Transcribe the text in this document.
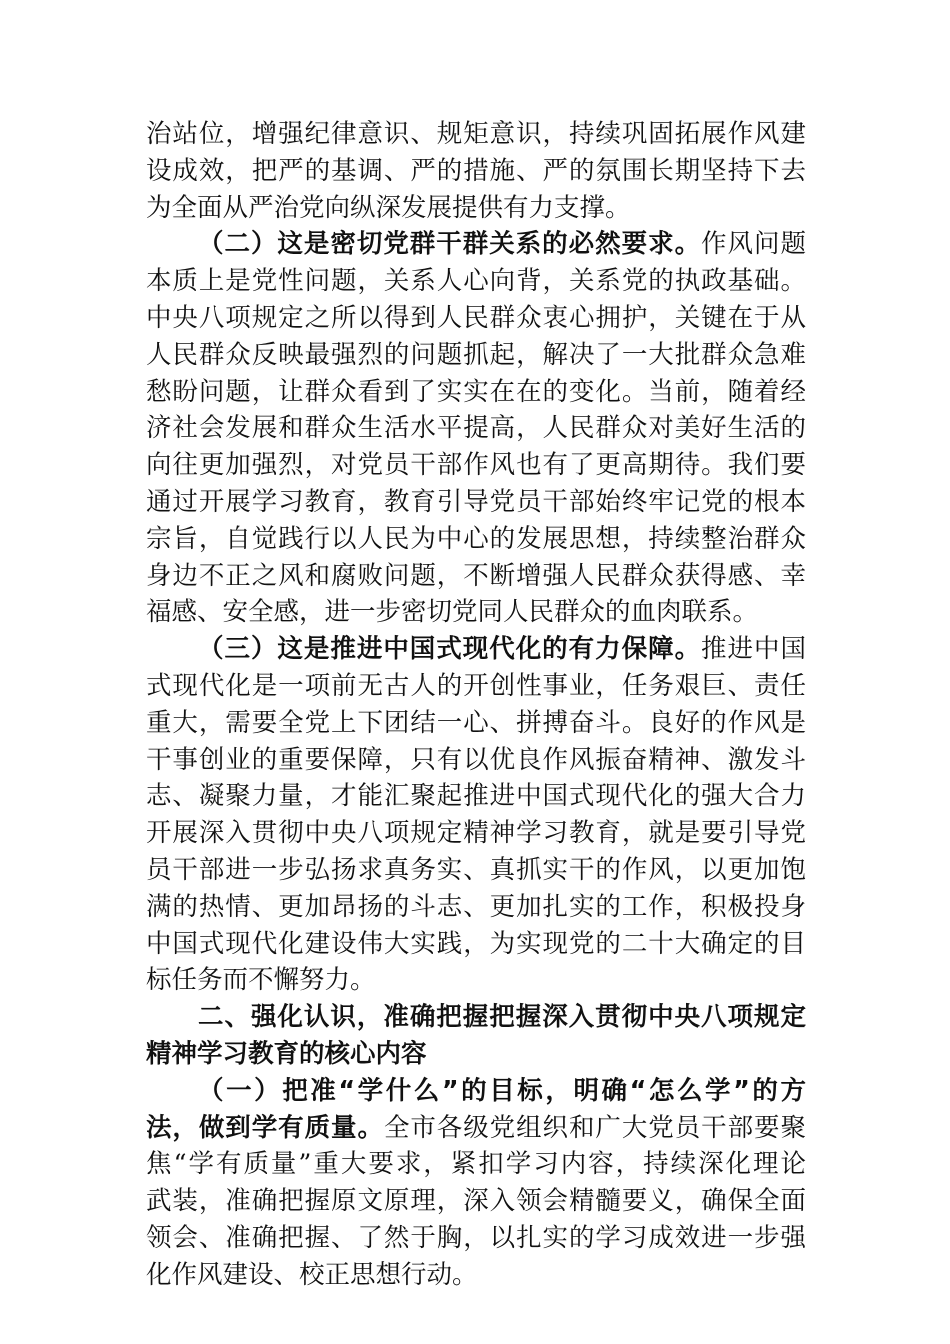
治站位，增强纪律意识、规矩意识，持续巩固拓展作风建
设成效，把严的基调、严的措施、严的氛围长期坚持下去
为全面从严治党向纵深发展提供有力支撑。
（二）这是密切党群干群关系的必然要求。作风问题
本质上是党性问题，关系人心向背，关系党的执政基础。
中央八项规定之所以得到人民群众衷心拥护，关键在于从
人民群众反映最强烈的问题抓起，解决了一大批群众急难
愁盼问题，让群众看到了实实在在的变化。当前，随着经
济社会发展和群众生活水平提高，人民群众对美好生活的
向往更加强烈，对党员干部作风也有了更高期待。我们要
通过开展学习教育，教育引导党员干部始终牢记党的根本
宗旨，自觉践行以人民为中心的发展思想，持续整治群众
身边不正之风和腐败问题，不断增强人民群众获得感、幸
福感、安全感，进一步密切党同人民群众的血肉联系。
（三）这是推进中国式现代化的有力保障。推进中国
式现代化是一项前无古人的开创性事业，任务艰巨、责任
重大，需要全党上下团结一心、拼搏奋斗。良好的作风是
干事创业的重要保障，只有以优良作风振奋精神、激发斗
志、凝聚力量，才能汇聚起推进中国式现代化的强大合力
开展深入贯彻中央八项规定精神学习教育，就是要引导党
员干部进一步弘扬求真务实、真抓实干的作风，以更加饱
满的热情、更加昂扬的斗志、更加扎实的工作，积极投身
中国式现代化建设伟大实践，为实现党的二十大确定的目
标任务而不懈努力。
二、强化认识，准确把握把握深入贯彻中央八项规定
精神学习教育的核心内容
（一）把准“学什么”的目标，明确“怎么学”的方
法，做到学有质量。全市各级党组织和广大党员干部要聚
焦“学有质量”重大要求，紧扣学习内容，持续深化理论
武装，准确把握原文原理，深入领会精髓要义，确保全面
领会、准确把握、了然于胸，以扎实的学习成效进一步强
化作风建设、校正思想行动。
